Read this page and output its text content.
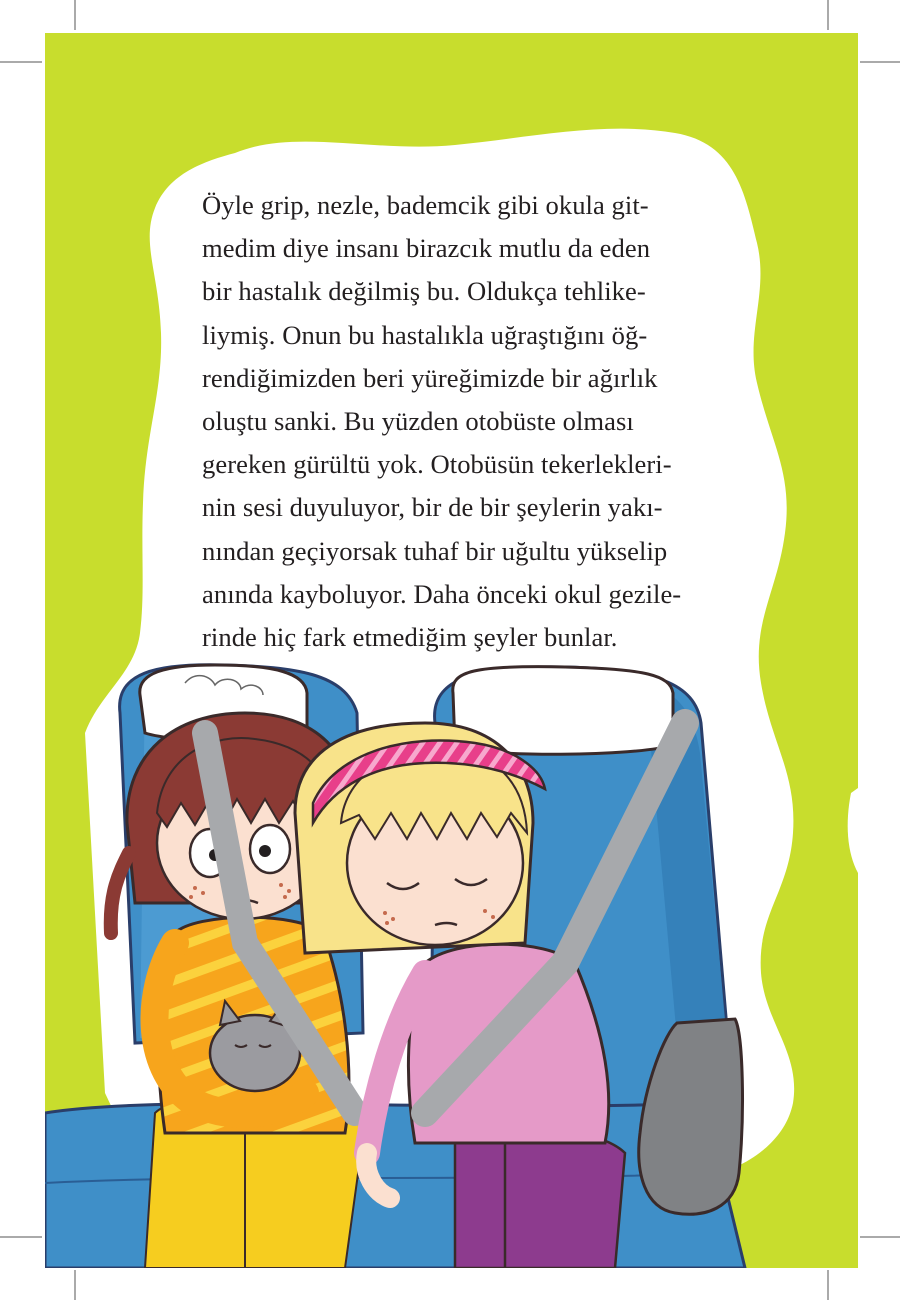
Öyle grip, nezle, bademcik gibi okula git-
medim diye insanı birazcık mutlu da eden
bir hastalık değilmiş bu. Oldukça tehlike-
liymiş. Onun bu hastalıkla uğraştığını öğ-
rendiğimizden beri yüreğimizde bir ağırlık
oluştu sanki. Bu yüzden otobüste olması
gereken gürültü yok. Otobüsün tekerlekleri-
nin sesi duyuluyor, bir de bir şeylerin yakı-
nından geçiyorsak tuhaf bir uğultu yükselip
anında kayboluyor. Daha önceki okul gezile-
rinde hiç fark etmediğim şeyler bunlar.
